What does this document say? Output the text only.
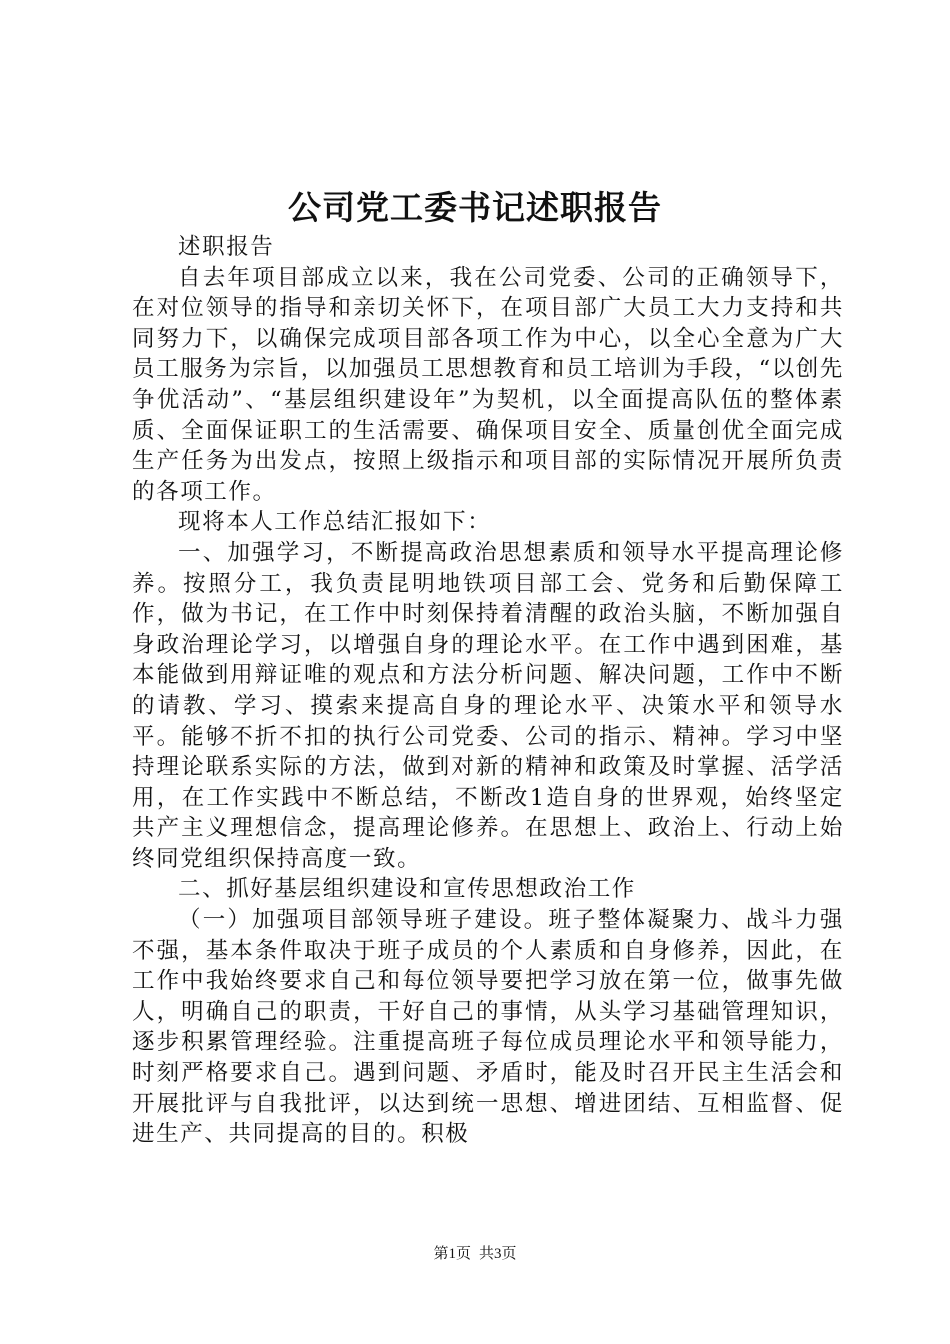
公司党工委书记述职报告

述职报告

自去年项目部成立以来，我在公司党委、公司的正确领导下，在对位领导的指导和亲切关怀下，在项目部广大员工大力支持和共同努力下，以确保完成项目部各项工作为中心，以全心全意为广大员工服务为宗旨，以加强员工思想教育和员工培训为手段，“以创先争优活动”、“基层组织建设年”为契机，以全面提高队伍的整体素质、全面保证职工的生活需要、确保项目安全、质量创优全面完成生产任务为出发点，按照上级指示和项目部的实际情况开展所负责的各项工作。

现将本人工作总结汇报如下：

一、加强学习，不断提高政治思想素质和领导水平提高理论修养。按照分工，我负责昆明地铁项目部工会、党务和后勤保障工作，做为书记，在工作中时刻保持着清醒的政治头脑，不断加强自身政治理论学习，以增强自身的理论水平。在工作中遇到困难，基本能做到用辩证唯的观点和方法分析问题、解决问题，工作中不断的请教、学习、摸索来提高自身的理论水平、决策水平和领导水平。能够不折不扣的执行公司党委、公司的指示、精神。学习中坚持理论联系实际的方法，做到对新的精神和政策及时掌握、活学活用，在工作实践中不断总结，不断改1造自身的世界观，始终坚定共产主义理想信念，提高理论修养。在思想上、政治上、行动上始终同党组织保持高度一致。

二、抓好基层组织建设和宣传思想政治工作

（一）加强项目部领导班子建设。班子整体凝聚力、战斗力强不强，基本条件取决于班子成员的个人素质和自身修养，因此，在工作中我始终要求自己和每位领导要把学习放在第一位，做事先做人，明确自己的职责，干好自己的事情，从头学习基础管理知识，逐步积累管理经验。注重提高班子每位成员理论水平和领导能力，时刻严格要求自己。遇到问题、矛盾时，能及时召开民主生活会和开展批评与自我批评，以达到统一思想、增进团结、互相监督、促进生产、共同提高的目的。积极

第1页 共3页
